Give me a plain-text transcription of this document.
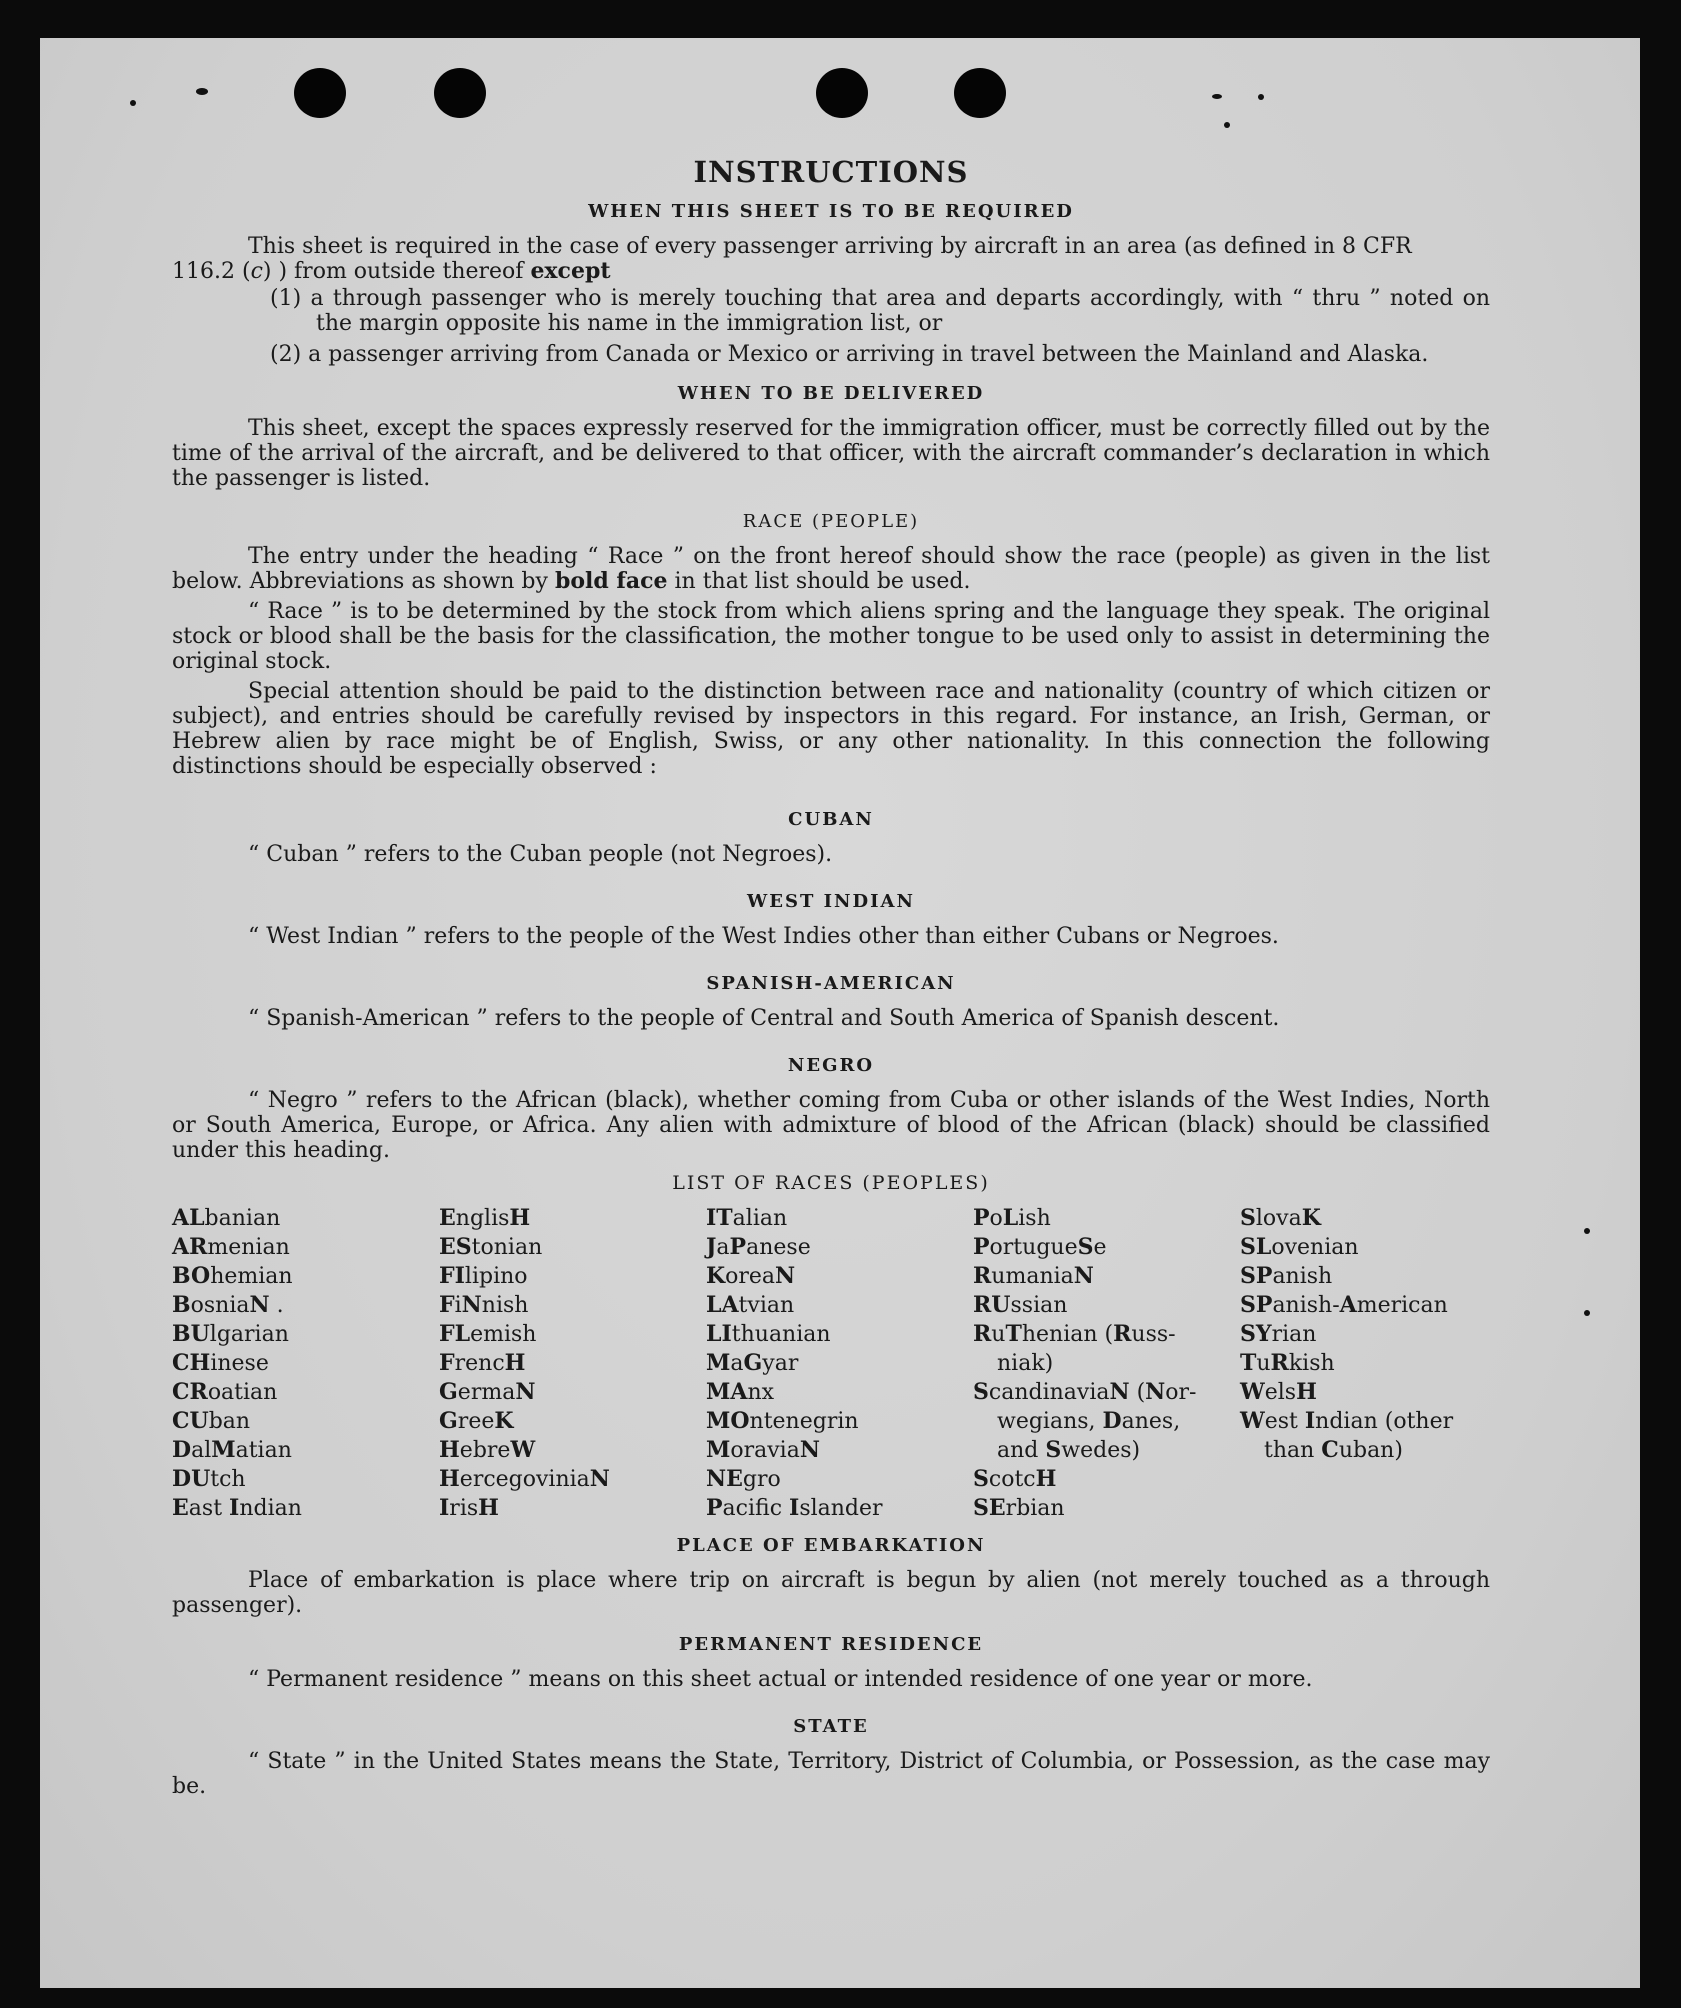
INSTRUCTIONS
WHEN THIS SHEET IS TO BE REQUIRED

This sheet is required in the case of every passenger arriving by aircraft in an area (as defined in 8 CFR

116.2 (c) ) from outside thereof except

(1) a through passenger who is merely touching that area and departs accordingly, with “ thru ” noted on the margin opposite his name in the immigration list, or

(2) a passenger arriving from Canada or Mexico or arriving in travel between the Mainland and Alaska.

WHEN TO BE DELIVERED

This sheet, except the spaces expressly reserved for the immigration officer, must be correctly filled out by the time of the arrival of the aircraft, and be delivered to that officer, with the aircraft commander’s declaration in which the passenger is listed.

RACE (PEOPLE)

The entry under the heading “ Race ” on the front hereof should show the race (people) as given in the list below. Abbreviations as shown by bold face in that list should be used.

“ Race ” is to be determined by the stock from which aliens spring and the language they speak. The original stock or blood shall be the basis for the classification, the mother tongue to be used only to assist in determining the original stock.

Special attention should be paid to the distinction between race and nationality (country of which citizen or subject), and entries should be carefully revised by inspectors in this regard. For instance, an Irish, German, or Hebrew alien by race might be of English, Swiss, or any other nationality. In this connection the following distinctions should be especially observed :

CUBAN

“ Cuban ” refers to the Cuban people (not Negroes).

WEST INDIAN

“ West Indian ” refers to the people of the West Indies other than either Cubans or Negroes.

SPANISH-AMERICAN

“ Spanish-American ” refers to the people of Central and South America of Spanish descent.

NEGRO

“ Negro ” refers to the African (black), whether coming from Cuba or other islands of the West Indies, North or South America, Europe, or Africa. Any alien with admixture of blood of the African (black) should be classified under this heading.

LIST OF RACES (PEOPLES)
ALbanian
ARmenian
BOhemian
BosniaN .
BUlgarian
CHinese
CRoatian
CUban
DalMatian
DUtch
East Indian
EnglisH
EStonian
FIlipino
FiNnish
FLemish
FrencH
GermaN
GreeK
HebreW
HercegoviniaN
IrisH
ITalian
JaPanese
KoreaN
LAtvian
LIthuanian
MaGyar
MAnx
MOntenegrin
MoraviaN
NEgro
Pacific Islander
PoLish
PortugueSe
RumaniaN
RUssian
RuThenian (Russ-
niak)
ScandinaviaN (Nor-
wegians, Danes,
and Swedes)
ScotcH
SErbian
SlovaK
SLovenian
SPanish
SPanish-American
SYrian
TuRkish
WelsH
West Indian (other
than Cuban)
PLACE OF EMBARKATION

Place of embarkation is place where trip on aircraft is begun by alien (not merely touched as a through passenger).

PERMANENT RESIDENCE

“ Permanent residence ” means on this sheet actual or intended residence of one year or more.

STATE

“ State ” in the United States means the State, Territory, District of Columbia, or Possession, as the case may be.
